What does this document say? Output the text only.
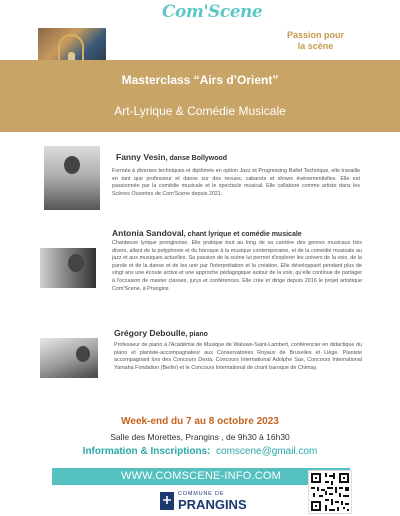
Com'Scene
Passion pour
la scène
Masterclass “Airs d’Orient”
Art-Lyrique & Comédie Musicale
Fanny Vesin, danse Bollywood
Formée à diverses techniques et diplômée en option Jazz et Progressing Ballet Technique, elle travaille en tant que professeur et danse sur des revues, cabarets et shows événementielles. Elle est passionnée par la comédie musicale et le spectacle musical. Elle collabore comme artiste dans les Scènes Ouvertes de Com'Scene depuis 2021.
Antonia Sandoval, chant lyrique et comédie musicale
Chanteuse lyrique pronginoise. Elle pratique tout au long de sa carrière des genres musicaux très divers, allant de la polyphonie et du baroque à la musique contemporaine, et de la comédie musicale au jazz et aux musiques actuelles. Sa passion de la scène lui permet d'explorer les univers de la voix, de la parole et de la danse et de les unir par l'interprétation et la création. Elle développant pendant plus de vingt ans une écoute active et une approche pédagogique autour de la voix, qu'elle continue de partager à l'occasion de master classes, jurys et conférences. Elle crée et dirige depuis 2016 le projet artistique Com'Scene, à Prangins.
Grégory Deboulle, piano
Professeur de piano à l'Académie de Musique de Waluwe-Saint-Lambert, conférencier en didactique du piano et pianiste-accompagnateur aux Conservatoires Royaux de Bruxelles et Liège. Pianiste accompagnant lors des Concours Dexia, Concours International Adolphe Sax, Concours International Yamaha Fondation (Berlin) et le Concours International de chant baroque de Chimay.
Week-end du 7 au 8 octobre 2023
Salle des Morettes, Prangins , de 9h30 à 16h30
Information & Inscriptions: comscene@gmail.com
WWW.COMSCENE-INFO.COM
COMMUNE DE
PRANGINS
